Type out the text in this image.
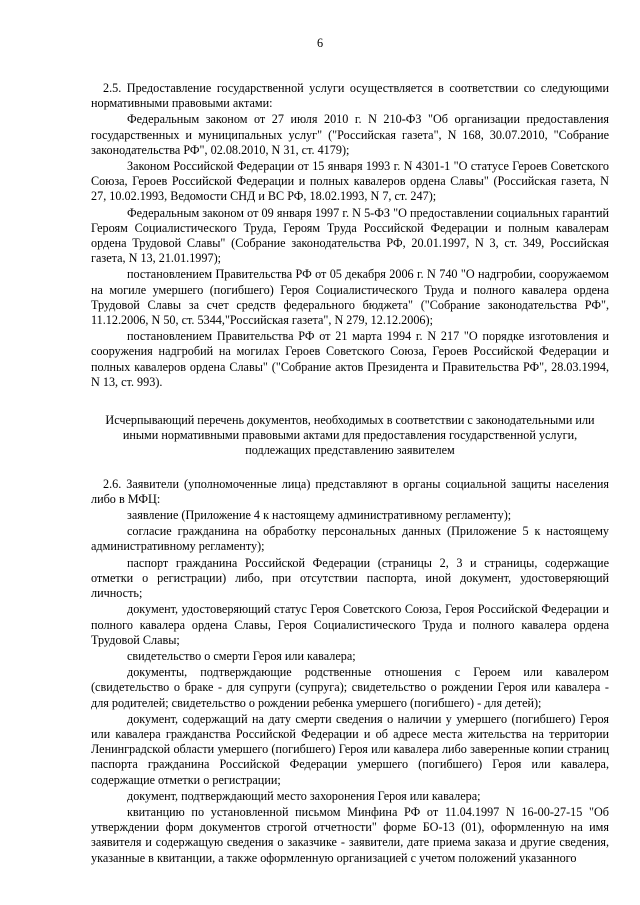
6

2.5. Предоставление государственной услуги осуществляется в соответствии со следующими нормативными правовыми актами:

Федеральным законом от 27 июля 2010 г. N 210-ФЗ "Об организации предоставления государственных и муниципальных услуг" ("Российская газета", N 168, 30.07.2010, "Собрание законодательства РФ", 02.08.2010, N 31, ст. 4179);

Законом Российской Федерации от 15 января 1993 г. N 4301-1 "О статусе Героев Советского Союза, Героев Российской Федерации и полных кавалеров ордена Славы" (Российская газета, N 27, 10.02.1993, Ведомости СНД и ВС РФ, 18.02.1993, N 7, ст. 247);

Федеральным законом от 09 января 1997 г. N 5-ФЗ "О предоставлении социальных гарантий Героям Социалистического Труда, Героям Труда Российской Федерации и полным кавалерам ордена Трудовой Славы" (Собрание законодательства РФ, 20.01.1997, N 3, ст. 349, Российская газета, N 13, 21.01.1997);

постановлением Правительства РФ от 05 декабря 2006 г. N 740 "О надгробии, сооружаемом на могиле умершего (погибшего) Героя Социалистического Труда и полного кавалера ордена Трудовой Славы за счет средств федерального бюджета" ("Собрание законодательства РФ", 11.12.2006, N 50, ст. 5344,"Российская газета", N 279, 12.12.2006);

постановлением Правительства РФ от 21 марта 1994 г. N 217 "О порядке изготовления и сооружения надгробий на могилах Героев Советского Союза, Героев Российской Федерации и полных кавалеров ордена Славы" ("Собрание актов Президента и Правительства РФ", 28.03.1994, N 13, ст. 993).

Исчерпывающий перечень документов, необходимых в соответствии с законодательными или

иными нормативными правовыми актами для предоставления государственной услуги,

подлежащих представлению заявителем

2.6. Заявители (уполномоченные лица) представляют в органы социальной защиты населения либо в МФЦ:

заявление (Приложение 4 к настоящему административному регламенту);

согласие гражданина на обработку персональных данных (Приложение 5 к настоящему административному регламенту);

паспорт гражданина Российской Федерации (страницы 2, 3 и страницы, содержащие отметки о регистрации) либо, при отсутствии паспорта, иной документ, удостоверяющий личность;

документ, удостоверяющий статус Героя Советского Союза, Героя Российской Федерации и полного кавалера ордена Славы, Героя Социалистического Труда и полного кавалера ордена Трудовой Славы;

свидетельство о смерти Героя или кавалера;

документы, подтверждающие родственные отношения с Героем или кавалером (свидетельство о браке - для супруги (супруга); свидетельство о рождении Героя или кавалера - для родителей; свидетельство о рождении ребенка умершего (погибшего) - для детей);

документ, содержащий на дату смерти сведения о наличии у умершего (погибшего) Героя или кавалера гражданства Российской Федерации и об адресе места жительства на территории Ленинградской области умершего (погибшего) Героя или кавалера либо заверенные копии страниц паспорта гражданина Российской Федерации умершего (погибшего) Героя или кавалера, содержащие отметки о регистрации;

документ, подтверждающий место захоронения Героя или кавалера;

квитанцию по установленной письмом Минфина РФ от 11.04.1997 N 16-00-27-15 "Об утверждении форм документов строгой отчетности" форме БО-13 (01), оформленную на имя заявителя и содержащую сведения о заказчике - заявители, дате приема заказа и другие сведения, указанные в квитанции, а также оформленную организацией с учетом положений указанного
